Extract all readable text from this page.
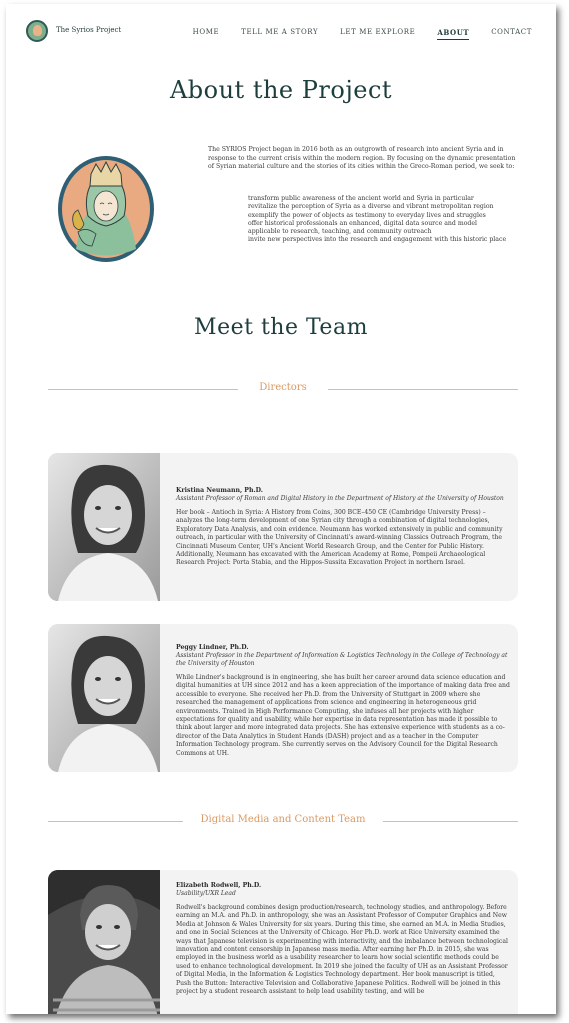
The Syrios Project	HOME	TELL ME A STORY	LET ME EXPLORE	ABOUT	CONTACT
About the Project

The SYRIOS Project began in 2016 both as an outgrowth of research into ancient Syria and in response to the current crisis within the modern region. By focusing on the dynamic presentation of Syrian material culture and the stories of its cities within the Greco-Roman period, we seek to:

transform public awareness of the ancient world and Syria in particular
revitalize the perception of Syria as a diverse and vibrant metropolitan region
exemplify the power of objects as testimony to everyday lives and struggles
offer historical professionals an enhanced, digital data source and model
applicable to research, teaching, and community outreach
invite new perspectives into the research and engagement with this historic place
Meet the Team
Directors
Kristina Neumann, Ph.D.
Assistant Professor of Roman and Digital History in the Department of History at the University of Houston

Her book – Antioch in Syria: A History from Coins, 300 BCE–450 CE (Cambridge University Press) – analyzes the long-term development of one Syrian city through a combination of digital technologies, Exploratory Data Analysis, and coin evidence. Neumann has worked extensively in public and community outreach, in particular with the University of Cincinnati's award-winning Classics Outreach Program, the Cincinnati Museum Center, UH's Ancient World Research Group, and the Center for Public History. Additionally, Neumann has excavated with the American Academy at Rome, Pompeii Archaeological Research Project: Porta Stabia, and the Hippos-Sussita Excavation Project in northern Israel.

Peggy Lindner, Ph.D.
Assistant Professor in the Department of Information & Logistics Technology in the College of Technology at the University of Houston

While Lindner's background is in engineering, she has built her career around data science education and digital humanities at UH since 2012 and has a keen appreciation of the importance of making data free and accessible to everyone. She received her Ph.D. from the University of Stuttgart in 2009 where she researched the management of applications from science and engineering in heterogeneous grid environments. Trained in High Performance Computing, she infuses all her projects with higher expectations for quality and usability, while her expertise in data representation has made it possible to think about larger and more integrated data projects. She has extensive experience with students as a co-director of the Data Analytics in Student Hands (DASH) project and as a teacher in the Computer Information Technology program. She currently serves on the Advisory Council for the Digital Research Commons at UH.

Digital Media and Content Team
Elizabeth Rodwell, Ph.D.
Usability/UXR Lead

Rodwell's background combines design production/research, technology studies, and anthropology. Before earning an M.A. and Ph.D. in anthropology, she was an Assistant Professor of Computer Graphics and New Media at Johnson & Wales University for six years. During this time, she earned an M.A. in Media Studies, and one in Social Sciences at the University of Chicago. Her Ph.D. work at Rice University examined the ways that Japanese television is experimenting with interactivity, and the imbalance between technological innovation and content censorship in Japanese mass media. After earning her Ph.D. in 2015, she was employed in the business world as a usability researcher to learn how social scientific methods could be used to enhance technological development. In 2019 she joined the faculty of UH as an Assistant Professor of Digital Media, in the Information & Logistics Technology department. Her book manuscript is titled, Push the Button: Interactive Television and Collaborative Japanese Politics. Rodwell will be joined in this project by a student research assistant to help lead usability testing, and will be
